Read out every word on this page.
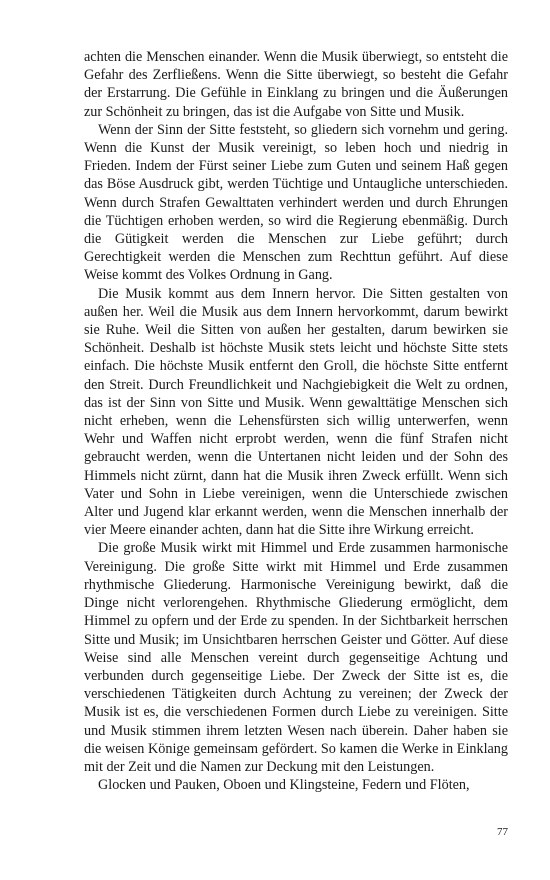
achten die Menschen einander. Wenn die Musik überwiegt, so entsteht die Gefahr des Zerfließens. Wenn die Sitte überwiegt, so besteht die Gefahr der Erstarrung. Die Gefühle in Einklang zu bringen und die Äußerungen zur Schönheit zu bringen, das ist die Aufgabe von Sitte und Musik.

Wenn der Sinn der Sitte feststeht, so gliedern sich vornehm und gering. Wenn die Kunst der Musik vereinigt, so leben hoch und niedrig in Frieden. Indem der Fürst seiner Liebe zum Guten und seinem Haß gegen das Böse Ausdruck gibt, werden Tüchtige und Untaugliche unterschieden. Wenn durch Strafen Gewalttaten verhindert werden und durch Ehrungen die Tüchtigen erhoben werden, so wird die Regierung ebenmäßig. Durch die Gütigkeit werden die Menschen zur Liebe geführt; durch Gerechtigkeit werden die Menschen zum Rechttun geführt. Auf diese Weise kommt des Volkes Ordnung in Gang.

Die Musik kommt aus dem Innern hervor. Die Sitten gestalten von außen her. Weil die Musik aus dem Innern hervorkommt, darum bewirkt sie Ruhe. Weil die Sitten von außen her gestalten, darum bewirken sie Schönheit. Deshalb ist höchste Musik stets leicht und höchste Sitte stets einfach. Die höchste Musik entfernt den Groll, die höchste Sitte entfernt den Streit. Durch Freundlichkeit und Nachgiebigkeit die Welt zu ordnen, das ist der Sinn von Sitte und Musik. Wenn gewalttätige Menschen sich nicht erheben, wenn die Lehensfürsten sich willig unterwerfen, wenn Wehr und Waffen nicht erprobt werden, wenn die fünf Strafen nicht gebraucht werden, wenn die Untertanen nicht leiden und der Sohn des Himmels nicht zürnt, dann hat die Musik ihren Zweck erfüllt. Wenn sich Vater und Sohn in Liebe vereinigen, wenn die Unterschiede zwischen Alter und Jugend klar erkannt werden, wenn die Menschen innerhalb der vier Meere einander achten, dann hat die Sitte ihre Wirkung erreicht.

Die große Musik wirkt mit Himmel und Erde zusammen harmonische Vereinigung. Die große Sitte wirkt mit Himmel und Erde zusammen rhythmische Gliederung. Harmonische Vereinigung bewirkt, daß die Dinge nicht verlorengehen. Rhythmische Gliederung ermöglicht, dem Himmel zu opfern und der Erde zu spenden. In der Sichtbarkeit herrschen Sitte und Musik; im Unsichtbaren herrschen Geister und Götter. Auf diese Weise sind alle Menschen vereint durch gegenseitige Achtung und verbunden durch gegenseitige Liebe. Der Zweck der Sitte ist es, die verschiedenen Tätigkeiten durch Achtung zu vereinen; der Zweck der Musik ist es, die verschiedenen Formen durch Liebe zu vereinigen. Sitte und Musik stimmen ihrem letzten Wesen nach überein. Daher haben sie die weisen Könige gemeinsam gefördert. So kamen die Werke in Einklang mit der Zeit und die Namen zur Deckung mit den Leistungen.

Glocken und Pauken, Oboen und Klingsteine, Federn und Flöten,

77
